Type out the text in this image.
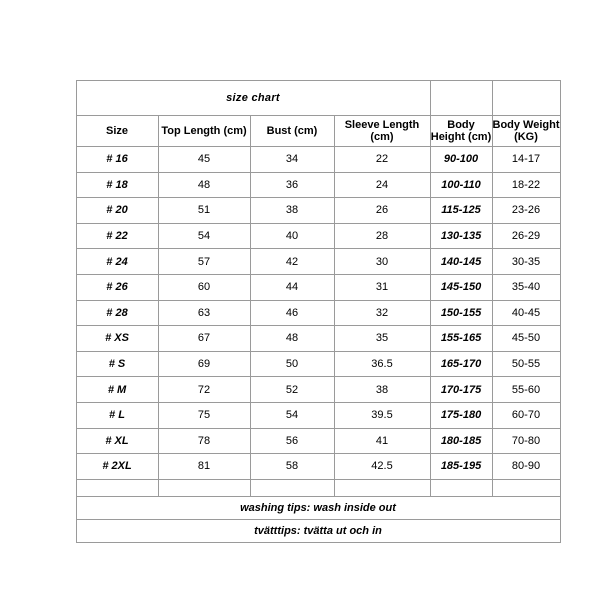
	size chart					
	Size	Top Length (cm)	Bust (cm)	Sleeve Length (cm)	Body Height (cm)	Body Weight (KG)
	# 16	45	34	22	90-100	14-17
	# 18	48	36	24	100-110	18-22
	# 20	51	38	26	115-125	23-26
	# 22	54	40	28	130-135	26-29
	# 24	57	42	30	140-145	30-35
	# 26	60	44	31	145-150	35-40
	# 28	63	46	32	150-155	40-45
	# XS	67	48	35	155-165	45-50
	# S	69	50	36.5	165-170	50-55
	# M	72	52	38	170-175	55-60
	# L	75	54	39.5	175-180	60-70
	# XL	78	56	41	180-185	70-80
	# 2XL	81	58	42.5	185-195	80-90

	washing tips: wash inside out					
	tvätttips: tvätta ut och in					
